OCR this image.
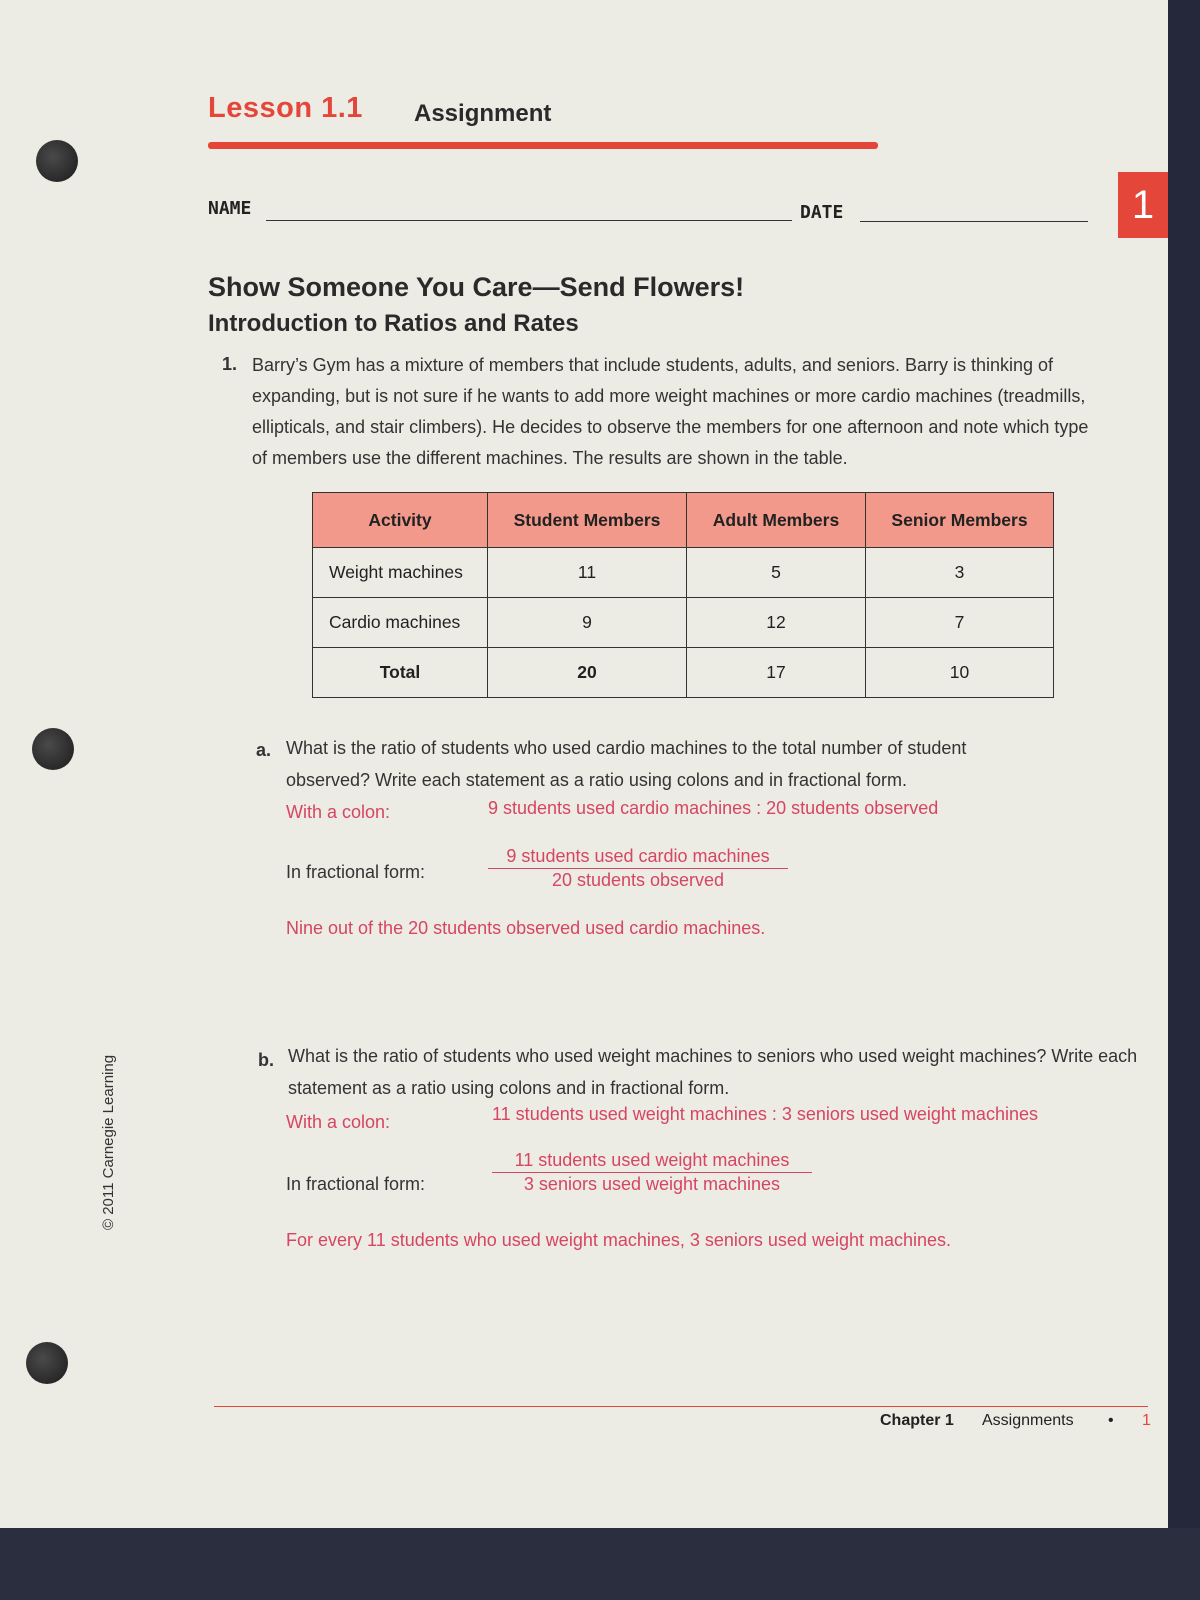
Lesson 1.1 Assignment
NAME	DATE	1
Show Someone You Care—Send Flowers!
Introduction to Ratios and Rates
1. Barry’s Gym has a mixture of members that include students, adults, and seniors. Barry is thinking of expanding, but is not sure if he wants to add more weight machines or more cardio machines (treadmills, ellipticals, and stair climbers). He decides to observe the members for one afternoon and note which type of members use the different machines. The results are shown in the table.
Activity	Student Members	Adult Members	Senior Members
Weight machines	11	5	3
Cardio machines	9	12	7
Total	20	17	10
a. What is the ratio of students who used cardio machines to the total number of student observed? Write each statement as a ratio using colons and in fractional form.
With a colon:	9 students used cardio machines : 20 students observed
In fractional form:
9 students used cardio machines
20 students observed
Nine out of the 20 students observed used cardio machines.
b. What is the ratio of students who used weight machines to seniors who used weight machines? Write each statement as a ratio using colons and in fractional form.
With a colon:	11 students used weight machines : 3 seniors used weight machines
In fractional form:
11 students used weight machines
3 seniors used weight machines
For every 11 students who used weight machines, 3 seniors used weight machines.
© 2011 Carnegie Learning
Chapter 1 Assignments • 1
